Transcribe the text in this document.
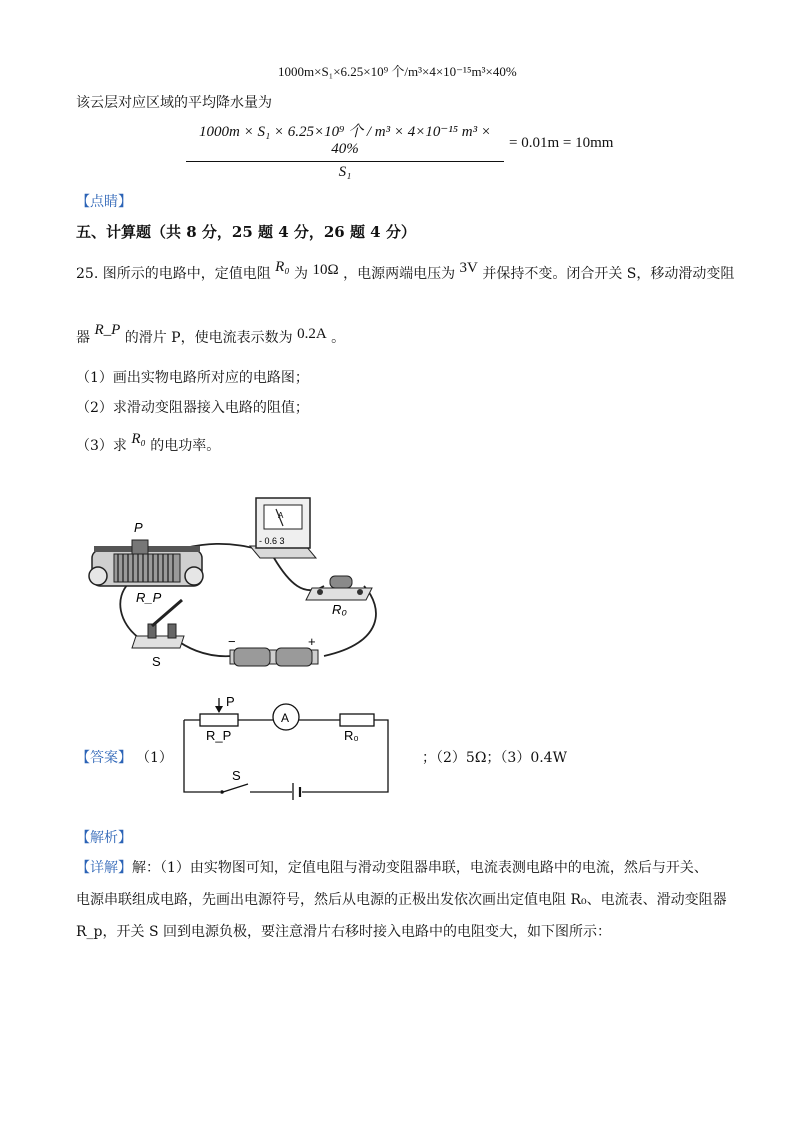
1000m×S₁×6.25×10⁹ 个/m³×4×10⁻¹⁵m³×40%
该云层对应区域的平均降水量为
1000m × S₁ × 6.25×10⁹ 个 / m³ × 4×10⁻¹⁵ m³ × 40%
S₁
= 0.01m = 10mm
【点睛】
五、计算题（共 8 分，25 题 4 分，26 题 4 分）
25. 图所示的电路中，定值电阻 R₀ 为 10Ω ，电源两端电压为 3V 并保持不变。闭合开关 S，移动滑动变阻
器 R_P 的滑片 P，使电流表示数为 0.2A 。
（1）画出实物电路所对应的电路图；
（2）求滑动变阻器接入电路的阻值；
（3）求 R₀ 的电功率。
P
R_P
A
- 0.6 3
R₀
S
−	+
【答案】 （1）
P
R_P
A
R₀
S
；（2）5Ω；（3）0.4W
【解析】
【详解】解：（1）由实物图可知，定值电阻与滑动变阻器串联，电流表测电路中的电流，然后与开关、
电源串联组成电路，先画出电源符号，然后从电源的正极出发依次画出定值电阻 R₀、电流表、滑动变阻器
R_p，开关 S 回到电源负极，要注意滑片右移时接入电路中的电阻变大，如下图所示：
